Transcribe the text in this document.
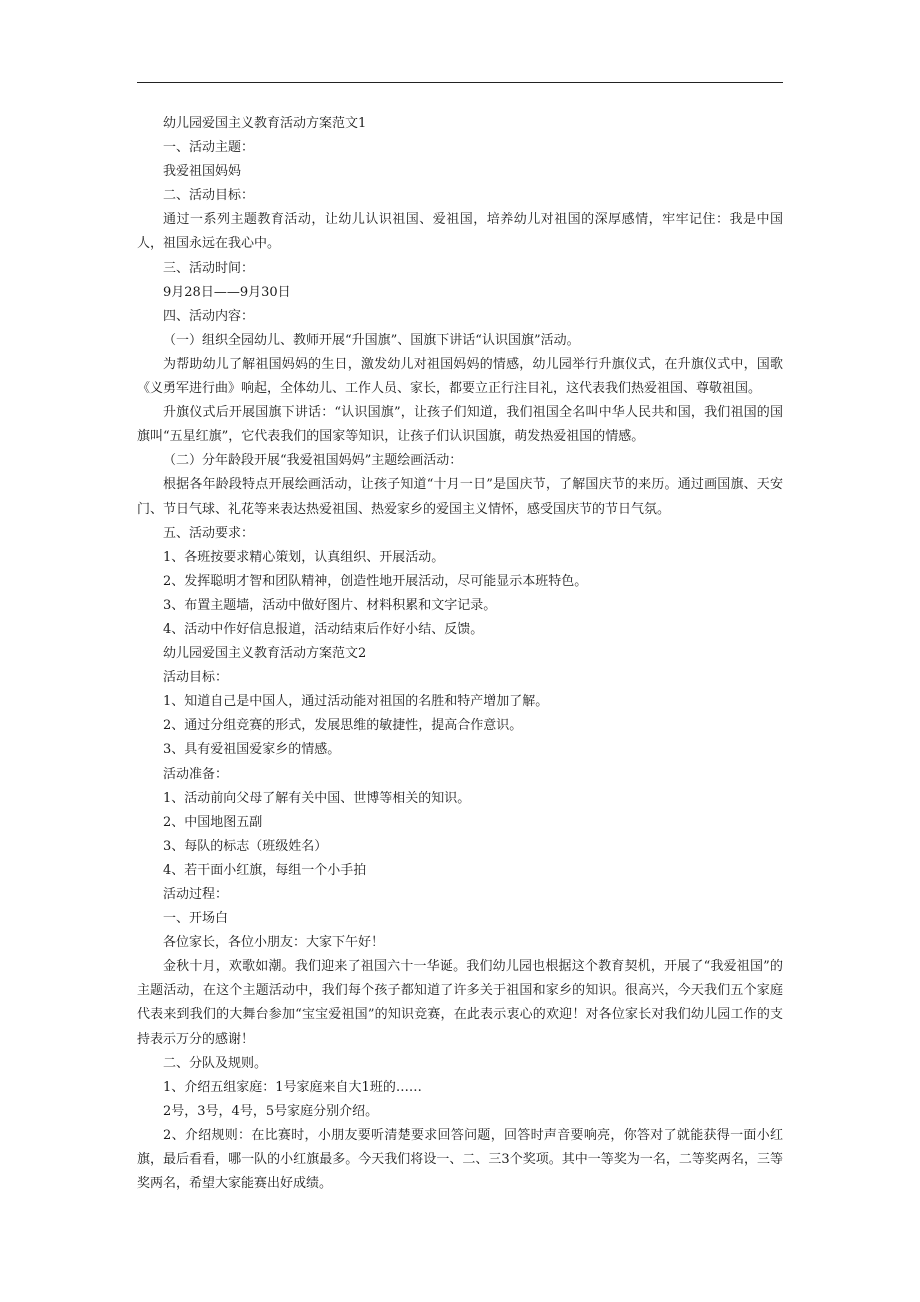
幼儿园爱国主义教育活动方案范文1

一、活动主题：

我爱祖国妈妈

二、活动目标：

通过一系列主题教育活动，让幼儿认识祖国、爱祖国，培养幼儿对祖国的深厚感情，牢牢记住：我是中国人，祖国永远在我心中。

三、活动时间：

9月28日——9月30日

四、活动内容：

（一）组织全园幼儿、教师开展“升国旗”、国旗下讲话“认识国旗”活动。

为帮助幼儿了解祖国妈妈的生日，激发幼儿对祖国妈妈的情感，幼儿园举行升旗仪式，在升旗仪式中，国歌《义勇军进行曲》响起，全体幼儿、工作人员、家长，都要立正行注目礼，这代表我们热爱祖国、尊敬祖国。

升旗仪式后开展国旗下讲话：“认识国旗”，让孩子们知道，我们祖国全名叫中华人民共和国，我们祖国的国旗叫“五星红旗”，它代表我们的国家等知识，让孩子们认识国旗，萌发热爱祖国的情感。

（二）分年龄段开展“我爱祖国妈妈”主题绘画活动：

根据各年龄段特点开展绘画活动，让孩子知道“十月一日”是国庆节，了解国庆节的来历。通过画国旗、天安门、节日气球、礼花等来表达热爱祖国、热爱家乡的爱国主义情怀，感受国庆节的节日气氛。

五、活动要求：

1、各班按要求精心策划，认真组织、开展活动。

2、发挥聪明才智和团队精神，创造性地开展活动，尽可能显示本班特色。

3、布置主题墙，活动中做好图片、材料积累和文字记录。

4、活动中作好信息报道，活动结束后作好小结、反馈。

幼儿园爱国主义教育活动方案范文2

活动目标：

1、知道自己是中国人，通过活动能对祖国的名胜和特产增加了解。

2、通过分组竞赛的形式，发展思维的敏捷性，提高合作意识。

3、具有爱祖国爱家乡的情感。

活动准备：

1、活动前向父母了解有关中国、世博等相关的知识。

2、中国地图五副

3、每队的标志（班级姓名）

4、若干面小红旗，每组一个小手拍

活动过程：

一、开场白

各位家长，各位小朋友：大家下午好！

金秋十月，欢歌如潮。我们迎来了祖国六十一华诞。我们幼儿园也根据这个教育契机，开展了“我爱祖国”的主题活动，在这个主题活动中，我们每个孩子都知道了许多关于祖国和家乡的知识。很高兴，今天我们五个家庭代表来到我们的大舞台参加“宝宝爱祖国”的知识竞赛，在此表示衷心的欢迎！对各位家长对我们幼儿园工作的支持表示万分的感谢！

二、分队及规则。

1、介绍五组家庭：1号家庭来自大1班的……

2号，3号，4号，5号家庭分别介绍。

2、介绍规则：在比赛时，小朋友要听清楚要求回答问题，回答时声音要响亮，你答对了就能获得一面小红旗，最后看看，哪一队的小红旗最多。今天我们将设一、二、三3个奖项。其中一等奖为一名，二等奖两名，三等奖两名，希望大家能赛出好成绩。
